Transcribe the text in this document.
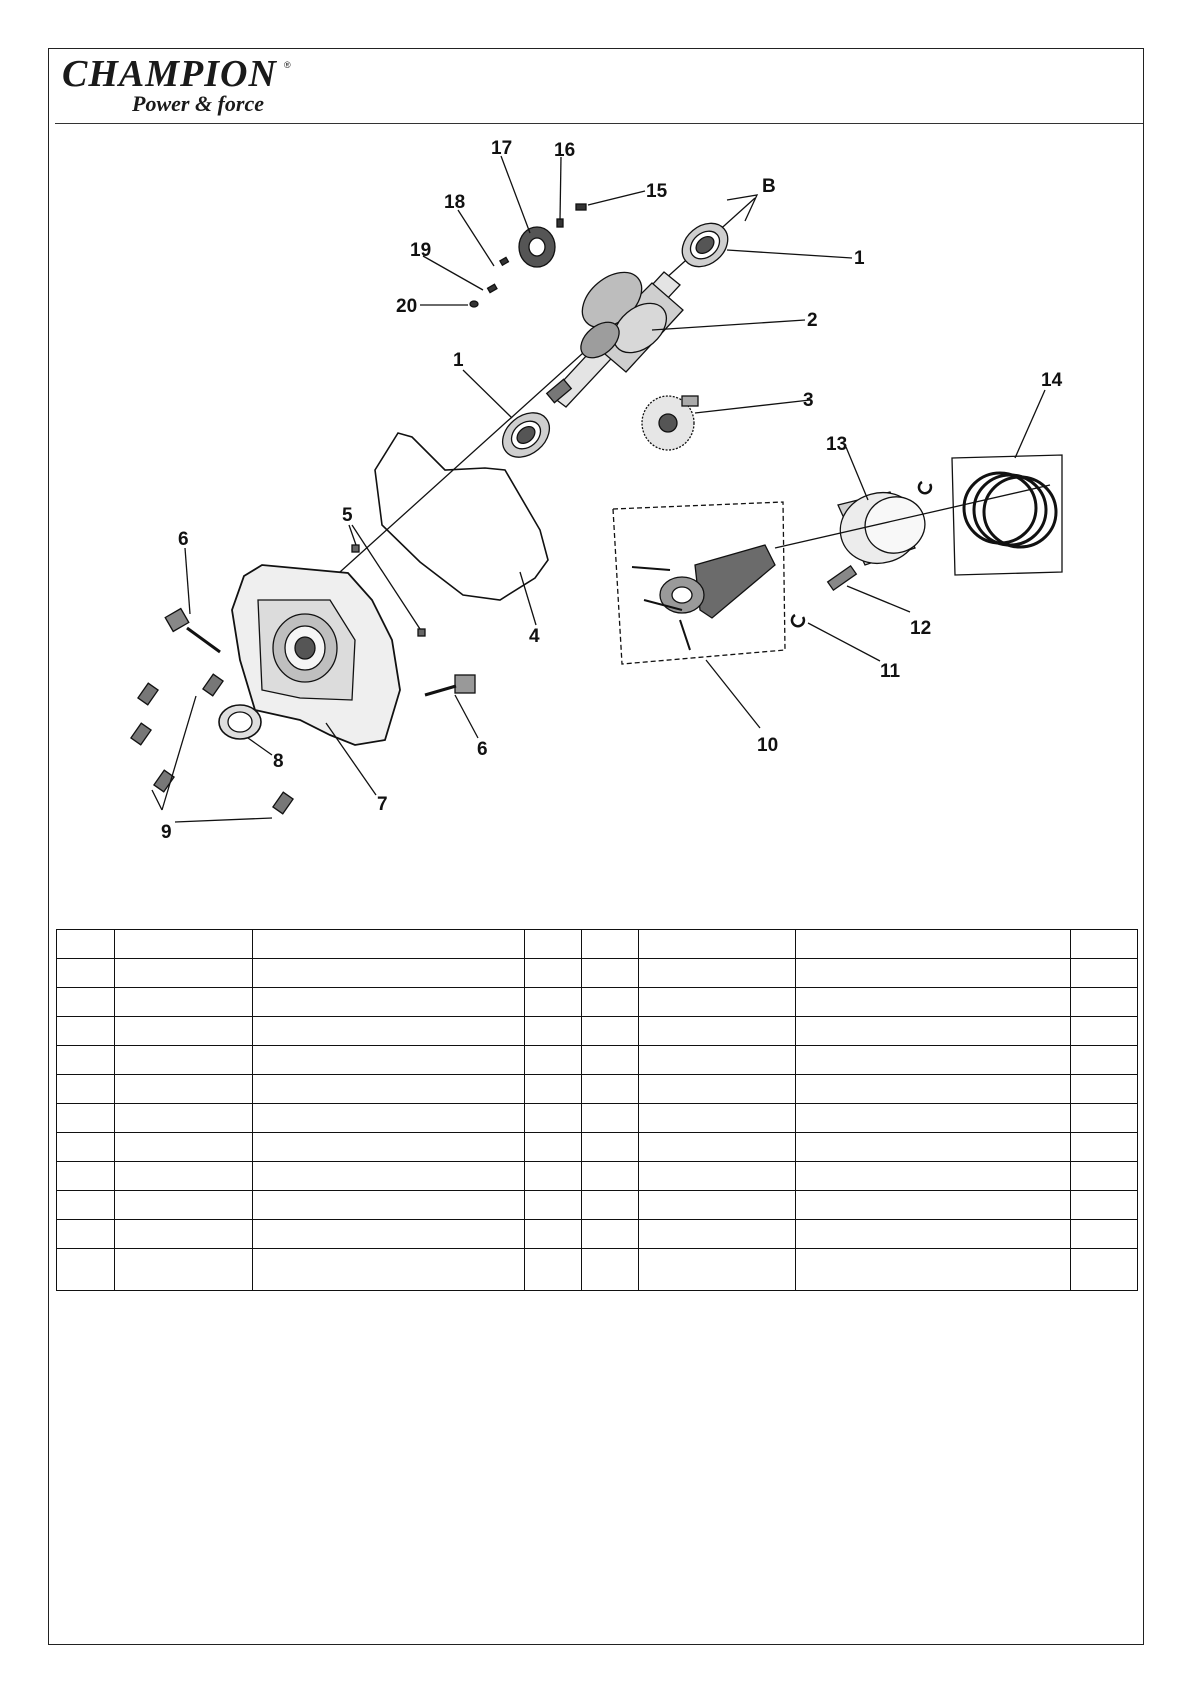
CHAMPION ®
Power & force
B
1
1
2
3
4
5
6
6
7
8
9
10
11
12
13
14
15
16
17
18
19
20
